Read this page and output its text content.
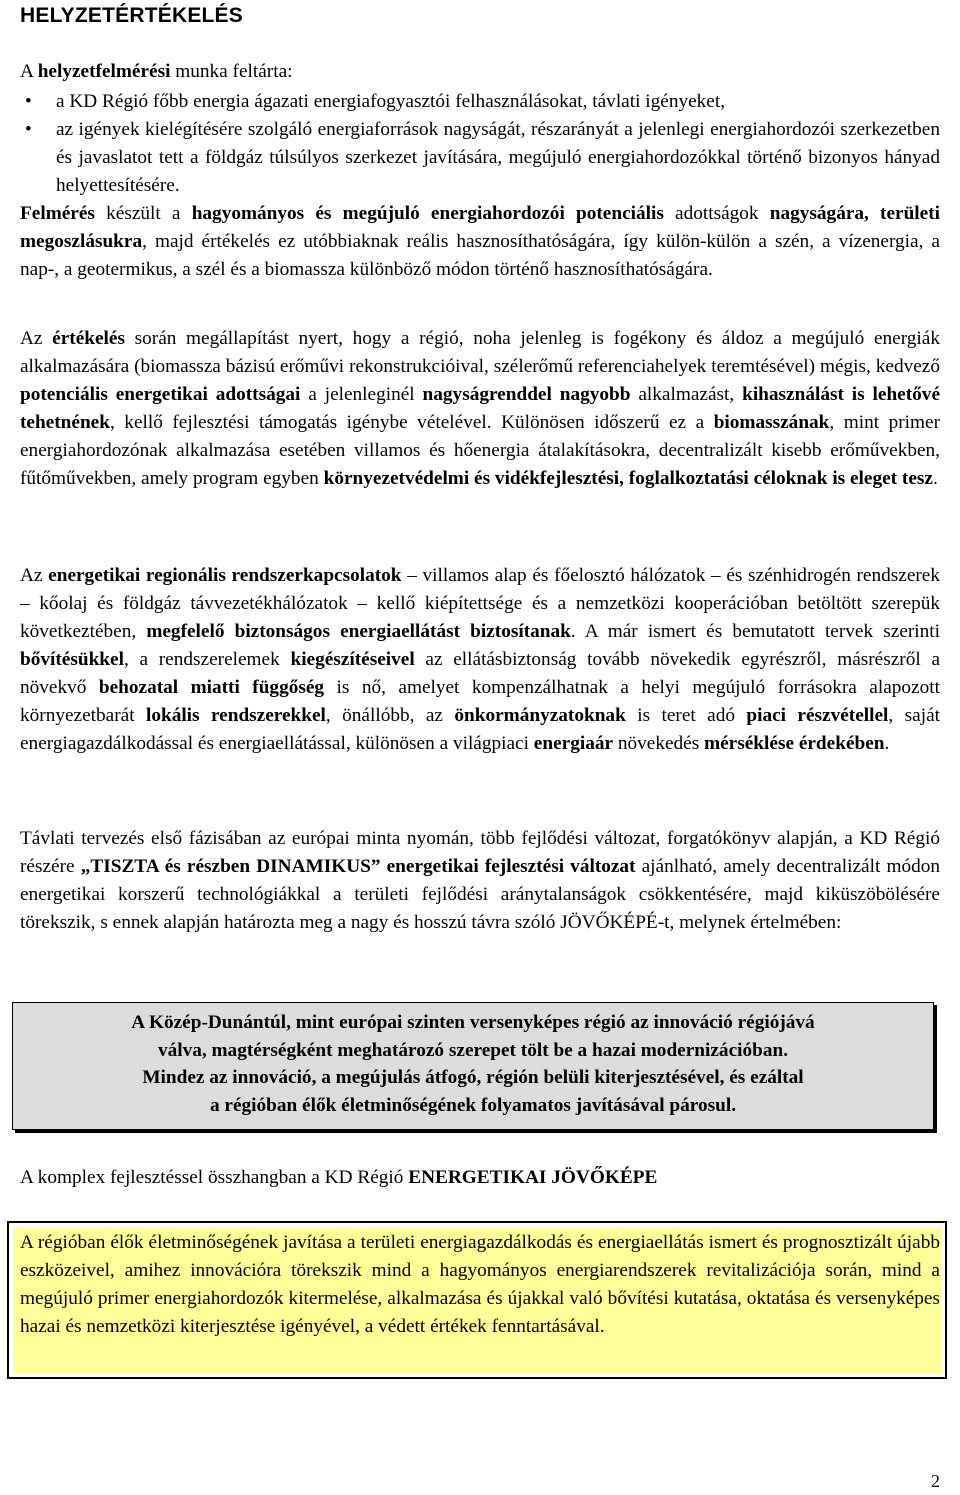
HELYZETÉRTÉKELÉS
A helyzetfelmérési munka feltárta:
• a KD Régió főbb energia ágazati energiafogyasztói felhasználásokat, távlati igényeket,
• az igények kielégítésére szolgáló energiaforrások nagyságát, részarányát a jelenlegi energiahordozói szerkezetben és javaslatot tett a földgáz túlsúlyos szerkezet javítására, megújuló energiahordozókkal történő bizonyos hányad helyettesítésére.
Felmérés készült a hagyományos és megújuló energiahordozói potenciális adottságok nagyságára, területi megoszlásukra, majd értékelés ez utóbbiaknak reális hasznosíthatóságára, így külön-külön a szén, a vízenergia, a nap-, a geotermikus, a szél és a biomassza különböző módon történő hasznosíthatóságára.
Az értékelés során megállapítást nyert, hogy a régió, noha jelenleg is fogékony és áldoz a megújuló energiák alkalmazására (biomassza bázisú erőművi rekonstrukcióival, szélerőmű referenciahelyek teremtésével) mégis, kedvező potenciális energetikai adottságai a jelenleginél nagyságrenddel nagyobb alkalmazást, kihasználást is lehetővé tehetnének, kellő fejlesztési támogatás igénybe vételével. Különösen időszerű ez a biomasszának, mint primer energiahordozónak alkalmazása esetében villamos és hőenergia átalakításokra, decentralizált kisebb erőművekben, fűtőművekben, amely program egyben környezetvédelmi és vidékfejlesztési, foglalkoztatási céloknak is eleget tesz.
Az energetikai regionális rendszerkapcsolatok – villamos alap és főelosztó hálózatok – és szénhidrogén rendszerek – kőolaj és földgáz távvezetékhálózatok – kellő kiépítettsége és a nemzetközi kooperációban betöltött szerepük következtében, megfelelő biztonságos energiaellátást biztosítanak. A már ismert és bemutatott tervek szerinti bővítésükkel, a rendszerelemek kiegészítéseivel az ellátásbiztonság tovább növekedik egyrészről, másrészről a növekvő behozatal miatti függőség is nő, amelyet kompenzálhatnak a helyi megújuló forrásokra alapozott környezetbarát lokális rendszerekkel, önállóbb, az önkormányzatoknak is teret adó piaci részvétellel, saját energiagazdálkodással és energiaellátással, különösen a világpiaci energiaár növekedés mérséklése érdekében.
Távlati tervezés első fázisában az európai minta nyomán, több fejlődési változat, forgatókönyv alapján, a KD Régió részére „TISZTA és részben DINAMIKUS” energetikai fejlesztési változat ajánlható, amely decentralizált módon energetikai korszerű technológiákkal a területi fejlődési aránytalanságok csökkentésére, majd kiküszöbölésére törekszik, s ennek alapján határozta meg a nagy és hosszú távra szóló JÖVŐKÉPÉ-t, melynek értelmében:
A Közép-Dunántúl, mint európai szinten versenyképes régió az innováció régiójává
válva, magtérségként meghatározó szerepet tölt be a hazai modernizációban.
Mindez az innováció, a megújulás átfogó, régión belüli kiterjesztésével, és ezáltal
a régióban élők életminőségének folyamatos javításával párosul.
A komplex fejlesztéssel összhangban a KD Régió ENERGETIKAI JÖVŐKÉPE
A régióban élők életminőségének javítása a területi energiagazdálkodás és energiaellátás ismert és prognosztizált újabb eszközeivel, amihez innovációra törekszik mind a hagyományos energiarendszerek revitalizációja során, mind a megújuló primer energiahordozók kitermelése, alkalmazása és újakkal való bővítési kutatása, oktatása és versenyképes hazai és nemzetközi kiterjesztése igényével, a védett értékek fenntartásával.
2
